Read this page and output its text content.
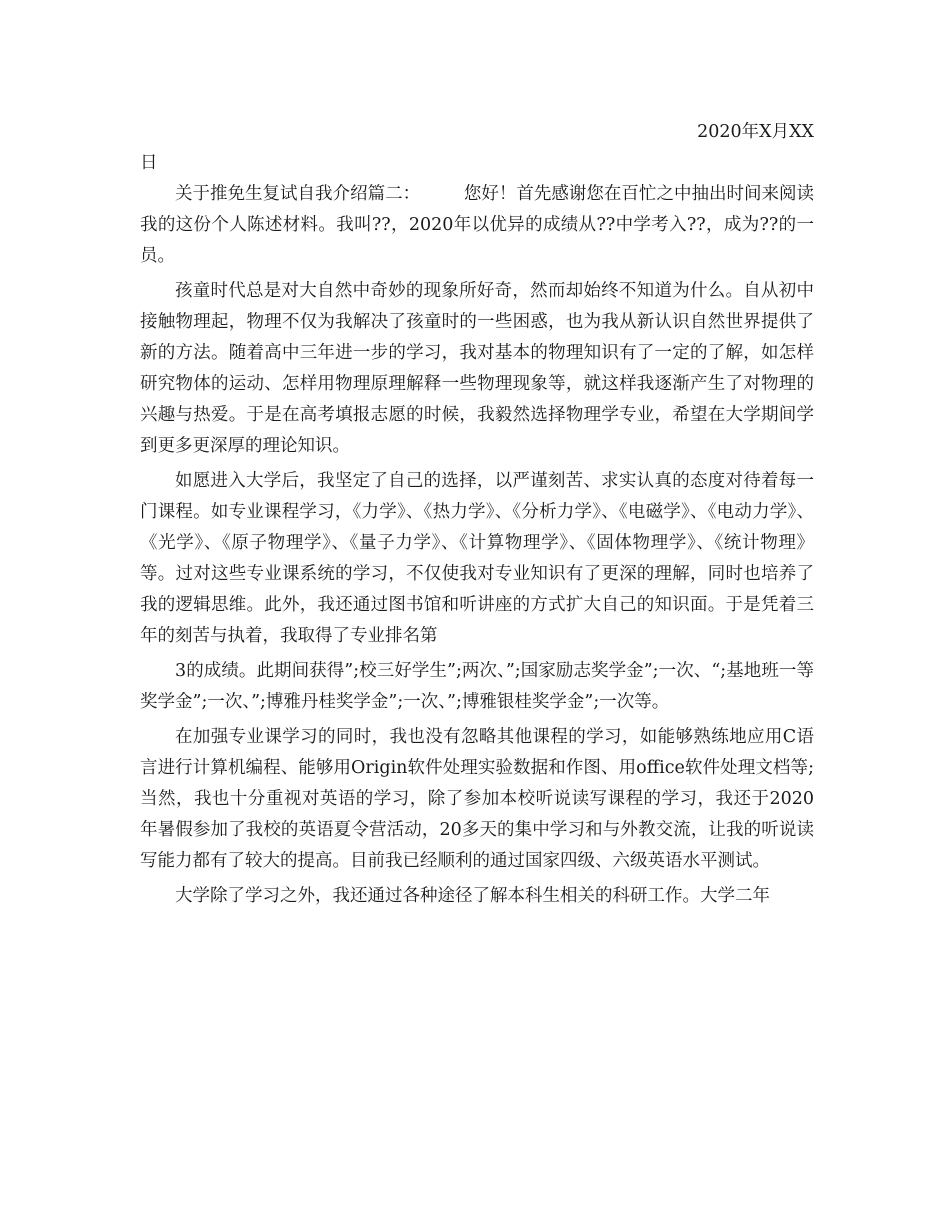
2020年X月XX

日

关于推免生复试自我介绍篇二：　　　您好！首先感谢您在百忙之中抽出时间来阅读我的这份个人陈述材料。我叫??，2020年以优异的成绩从??中学考入??，成为??的一员。

孩童时代总是对大自然中奇妙的现象所好奇，然而却始终不知道为什么。自从初中接触物理起，物理不仅为我解决了孩童时的一些困惑，也为我从新认识自然世界提供了新的方法。随着高中三年进一步的学习，我对基本的物理知识有了一定的了解，如怎样研究物体的运动、怎样用物理原理解释一些物理现象等，就这样我逐渐产生了对物理的兴趣与热爱。于是在高考填报志愿的时候，我毅然选择物理学专业，希望在大学期间学到更多更深厚的理论知识。

如愿进入大学后，我坚定了自己的选择，以严谨刻苦、求实认真的态度对待着每一门课程。如专业课程学习，《力学》、《热力学》、《分析力学》、《电磁学》、《电动力学》、《光学》、《原子物理学》、《量子力学》、《计算物理学》、《固体物理学》、《统计物理》等。过对这些专业课系统的学习，不仅使我对专业知识有了更深的理解，同时也培养了我的逻辑思维。此外，我还通过图书馆和听讲座的方式扩大自己的知识面。于是凭着三年的刻苦与执着，我取得了专业排名第

3的成绩。此期间获得”;校三好学生”;两次、”;国家励志奖学金”;一次、“;基地班一等奖学金”;一次、”;博雅丹桂奖学金”;一次、”;博雅银桂奖学金”;一次等。

在加强专业课学习的同时，我也没有忽略其他课程的学习，如能够熟练地应用C语言进行计算机编程、能够用Origin软件处理实验数据和作图、用office软件处理文档等;当然，我也十分重视对英语的学习，除了参加本校听说读写课程的学习，我还于2020年暑假参加了我校的英语夏令营活动，20多天的集中学习和与外教交流，让我的听说读写能力都有了较大的提高。目前我已经顺利的通过国家四级、六级英语水平测试。

大学除了学习之外，我还通过各种途径了解本科生相关的科研工作。大学二年
